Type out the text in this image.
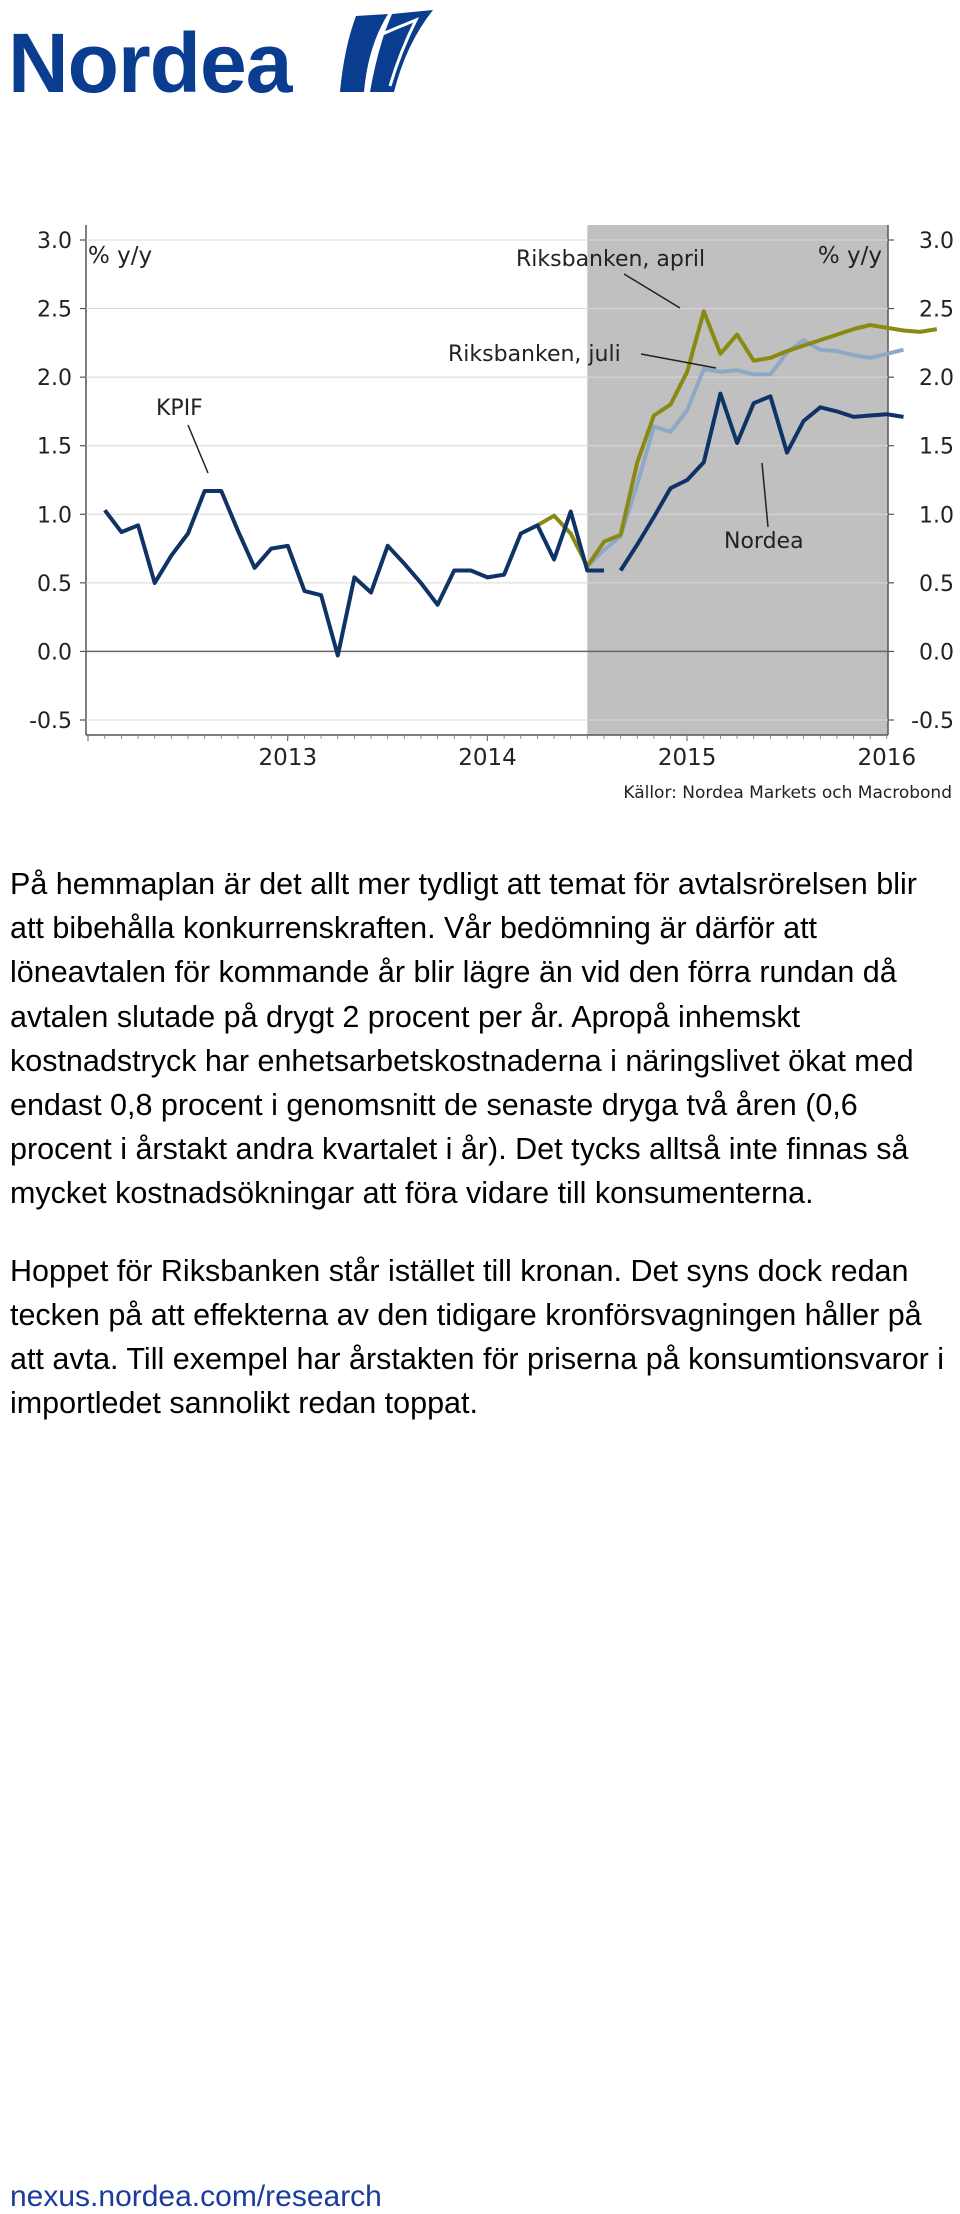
Nordea
3.0	3.0
2.5	2.5
2.0	2.0
1.5	1.5
1.0	1.0
0.5	0.5
0.0	0.0
-0.5	-0.5
2013	2014	2015	2016
% y/y	% y/y
KPIF
Riksbanken, april
Riksbanken, juli
Nordea
Källor: Nordea Markets och Macrobond

På hemmaplan är det allt mer tydligt att temat för avtalsrörelsen blir att bibehålla konkurrenskraften. Vår bedömning är därför att löneavtalen för kommande år blir lägre än vid den förra rundan då avtalen slutade på drygt 2 procent per år. Apropå inhemskt kostnadstryck har enhetsarbetskostnaderna i näringslivet ökat med endast 0,8 procent i genomsnitt de senaste dryga två åren (0,6 procent i årstakt andra kvartalet i år). Det tycks alltså inte finnas så mycket kostnadsökningar att föra vidare till konsumenterna.

Hoppet för Riksbanken står istället till kronan. Det syns dock redan tecken på att effekterna av den tidigare kronförsvagningen håller på att avta. Till exempel har årstakten för priserna på konsumtionsvaror i importledet sannolikt redan toppat.

nexus.nordea.com/research
